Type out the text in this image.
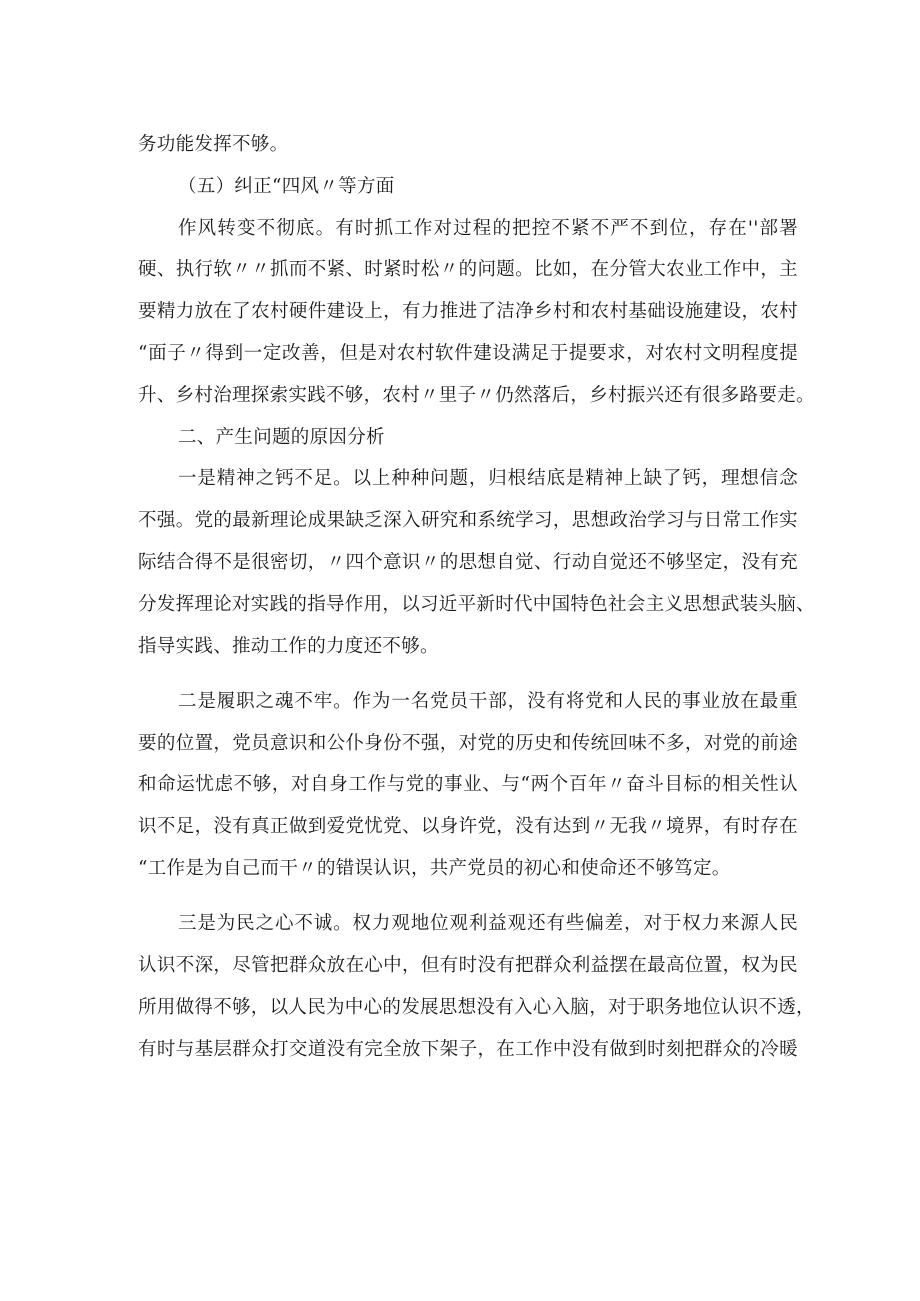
务功能发挥不够。
（五）纠正“四风〃等方面
作风转变不彻底。有时抓工作对过程的把控不紧不严不到位，存在''部署
硬、执行软〃〃抓而不紧、时紧时松〃的问题。比如，在分管大农业工作中，主
要精力放在了农村硬件建设上，有力推进了洁净乡村和农村基础设施建设，农村
“面子〃得到一定改善，但是对农村软件建设满足于提要求，对农村文明程度提
升、乡村治理探索实践不够，农村〃里子〃仍然落后，乡村振兴还有很多路要走。
二、产生问题的原因分析
一是精神之钙不足。以上种种问题，归根结底是精神上缺了钙，理想信念
不强。党的最新理论成果缺乏深入研究和系统学习，思想政治学习与日常工作实
际结合得不是很密切，〃四个意识〃的思想自觉、行动自觉还不够坚定，没有充
分发挥理论对实践的指导作用，以习近平新时代中国特色社会主义思想武装头脑、
指导实践、推动工作的力度还不够。
二是履职之魂不牢。作为一名党员干部，没有将党和人民的事业放在最重
要的位置，党员意识和公仆身份不强，对党的历史和传统回味不多，对党的前途
和命运忧虑不够，对自身工作与党的事业、与“两个百年〃奋斗目标的相关性认
识不足，没有真正做到爱党忧党、以身许党，没有达到〃无我〃境界，有时存在
“工作是为自己而干〃的错误认识，共产党员的初心和使命还不够笃定。
三是为民之心不诚。权力观地位观利益观还有些偏差，对于权力来源人民
认识不深，尽管把群众放在心中，但有时没有把群众利益摆在最高位置，权为民
所用做得不够，以人民为中心的发展思想没有入心入脑，对于职务地位认识不透，
有时与基层群众打交道没有完全放下架子，在工作中没有做到时刻把群众的冷暖
